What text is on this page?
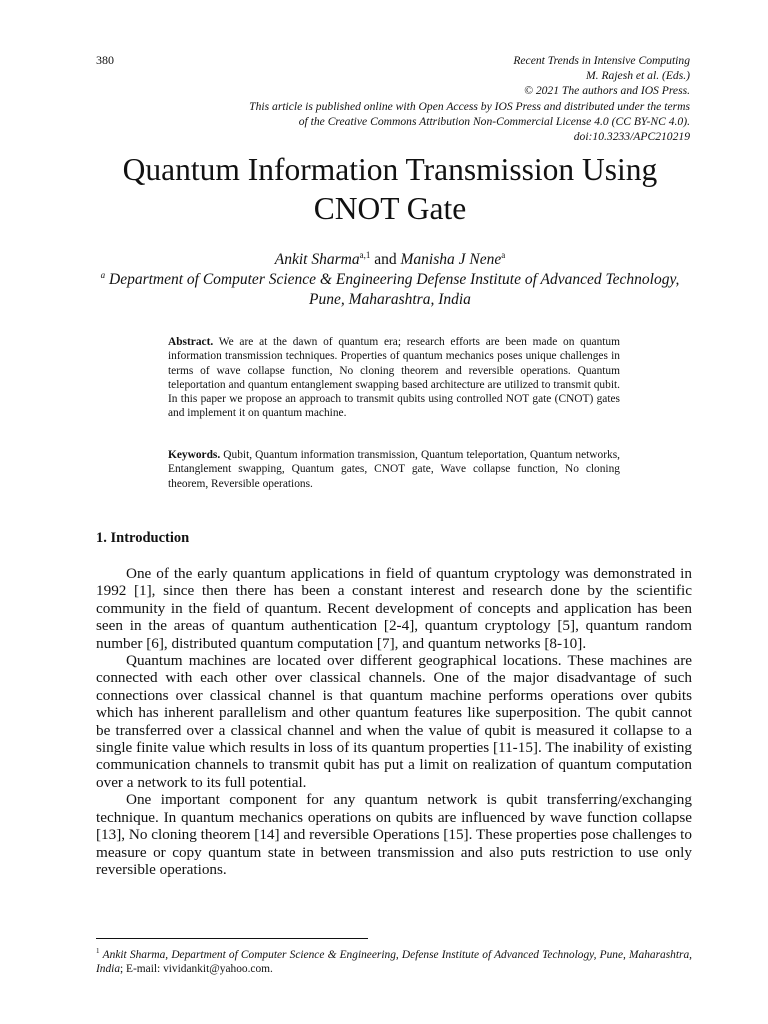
380	Recent Trends in Intensive Computing
M. Rajesh et al. (Eds.)
© 2021 The authors and IOS Press.
This article is published online with Open Access by IOS Press and distributed under the terms
of the Creative Commons Attribution Non-Commercial License 4.0 (CC BY-NC 4.0).
doi:10.3233/APC210219
Quantum Information Transmission Using CNOT Gate
Ankit Sharma$^{a,1}$ and Manisha J Nene$^a$
$^a$ Department of Computer Science & Engineering Defense Institute of Advanced Technology, Pune, Maharashtra, India
Abstract. We are at the dawn of quantum era; research efforts are been made on quantum information transmission techniques. Properties of quantum mechanics poses unique challenges in terms of wave collapse function, No cloning theorem and reversible operations. Quantum teleportation and quantum entanglement swapping based architecture are utilized to transmit qubit. In this paper we propose an approach to transmit qubits using controlled NOT gate (CNOT) gates and implement it on quantum machine.
Keywords. Qubit, Quantum information transmission, Quantum teleportation, Quantum networks, Entanglement swapping, Quantum gates, CNOT gate, Wave collapse function, No cloning theorem, Reversible operations.
1. Introduction

One of the early quantum applications in field of quantum cryptology was demonstrated in 1992 [1], since then there has been a constant interest and research done by the scientific community in the field of quantum. Recent development of concepts and application has been seen in the areas of quantum authentication [2-4], quantum cryptology [5], quantum random number [6], distributed quantum computation [7], and quantum networks [8-10].

Quantum machines are located over different geographical locations. These machines are connected with each other over classical channels. One of the major disadvantage of such connections over classical channel is that quantum machine performs operations over qubits which has inherent parallelism and other quantum features like superposition. The qubit cannot be transferred over a classical channel and when the value of qubit is measured it collapse to a single finite value which results in loss of its quantum properties [11-15]. The inability of existing communication channels to transmit qubit has put a limit on realization of quantum computation over a network to its full potential.

One important component for any quantum network is qubit transferring/exchanging technique. In quantum mechanics operations on qubits are influenced by wave function collapse [13], No cloning theorem [14] and reversible Operations [15]. These properties pose challenges to measure or copy quantum state in between transmission and also puts restriction to use only reversible operations.

$^1$ Ankit Sharma, Department of Computer Science & Engineering, Defense Institute of Advanced Technology, Pune, Maharashtra, India; E-mail: vividankit@yahoo.com.
